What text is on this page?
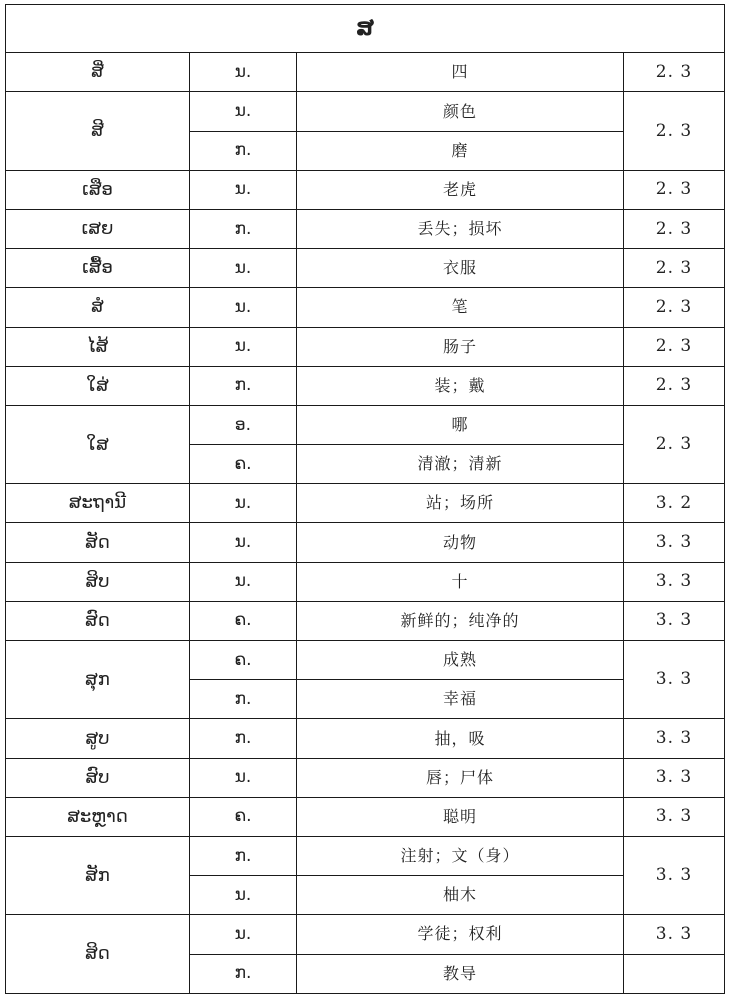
ສ			
ສີ່	ນ.	四	2. 3
ສີ	ນ.	颜色	2. 3
	ກ.	磨	
ເສືອ	ນ.	老虎	2. 3
ເສຍ	ກ.	丢失；损坏	2. 3
ເສື້ອ	ນ.	衣服	2. 3
ສໍ	ນ.	笔	2. 3
ໄສ້	ນ.	肠子	2. 3
ໃສ່	ກ.	装；戴	2. 3
ໃສ	ອ.	哪	2. 3
	ຄ.	清澈；清新	
ສະຖານີ	ນ.	站；场所	3. 2
ສັດ	ນ.	动物	3. 3
ສິບ	ນ.	十	3. 3
ສົດ	ຄ.	新鲜的；纯净的	3. 3
ສຸກ	ຄ.	成熟	3. 3
	ກ.	幸福	
ສູບ	ກ.	抽，吸	3. 3
ສົບ	ນ.	唇；尸体	3. 3
ສະຫຼາດ	ຄ.	聪明	3. 3
ສັກ	ກ.	注射；文（身）	3. 3
	ນ.	柚木	
ສິດ	ນ.	学徒；权利	3. 3
	ກ.	教导	
